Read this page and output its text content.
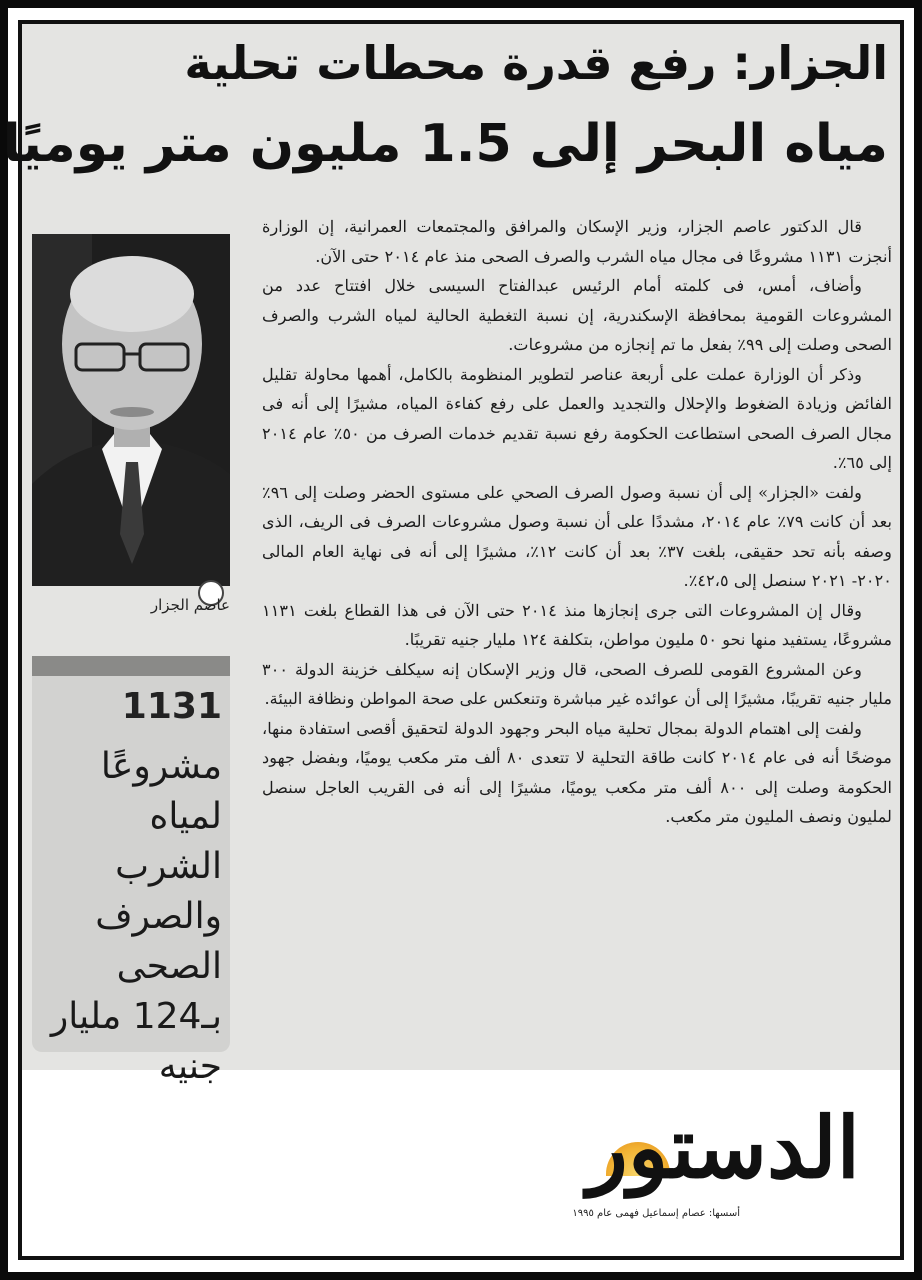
الجزار: رفع قدرة محطات تحلية
مياه البحر إلى 1.5 مليون متر يوميًا

قال الدكتور عاصم الجزار، وزير الإسكان والمرافق والمجتمعات العمرانية، إن الوزارة أنجزت ١١٣١ مشروعًا فى مجال مياه الشرب والصرف الصحى منذ عام ٢٠١٤ حتى الآن.

وأضاف، أمس، فى كلمته أمام الرئيس عبدالفتاح السيسى خلال افتتاح عدد من المشروعات القومية بمحافظة الإسكندرية، إن نسبة التغطية الحالية لمياه الشرب والصرف الصحى وصلت إلى ٩٩٪ بفعل ما تم إنجازه من مشروعات.

وذكر أن الوزارة عملت على أربعة عناصر لتطوير المنظومة بالكامل، أهمها محاولة تقليل الفائض وزيادة الضغوط والإحلال والتجديد والعمل على رفع كفاءة المياه، مشيرًا إلى أنه فى مجال الصرف الصحى استطاعت الحكومة رفع نسبة تقديم خدمات الصرف من ٥٠٪ عام ٢٠١٤ إلى ٦٥٪.

ولفت «الجزار» إلى أن نسبة وصول الصرف الصحي على مستوى الحضر وصلت إلى ٩٦٪ بعد أن كانت ٧٩٪ عام ٢٠١٤، مشددًا على أن نسبة وصول مشروعات الصرف فى الريف، الذى وصفه بأنه تحد حقيقى، بلغت ٣٧٪ بعد أن كانت ١٢٪، مشيرًا إلى أنه فى نهاية العام المالى ٢٠٢٠- ٢٠٢١ سنصل إلى ٤٢،٥٪.

وقال إن المشروعات التى جرى إنجازها منذ ٢٠١٤ حتى الآن فى هذا القطاع بلغت ١١٣١ مشروعًا، يستفيد منها نحو ٥٠ مليون مواطن، بتكلفة ١٢٤ مليار جنيه تقريبًا.

وعن المشروع القومى للصرف الصحى، قال وزير الإسكان إنه سيكلف خزينة الدولة ٣٠٠ مليار جنيه تقريبًا، مشيرًا إلى أن عوائده غير مباشرة وتنعكس على صحة المواطن ونظافة البيئة.

ولفت إلى اهتمام الدولة بمجال تحلية مياه البحر وجهود الدولة لتحقيق أقصى استفادة منها، موضحًا أنه فى عام ٢٠١٤ كانت طاقة التحلية لا تتعدى ٨٠ ألف متر مكعب يوميًا، وبفضل جهود الحكومة وصلت إلى ٨٠٠ ألف متر مكعب يوميًا، مشيرًا إلى أنه فى القريب العاجل سنصل لمليون ونصف المليون متر مكعب.

عاصم الجزار
1131
مشروعًا لمياه الشرب والصرف الصحى بـ124 مليار جنيه
الدستور
أسسها: عصام إسماعيل فهمى عام ١٩٩٥
